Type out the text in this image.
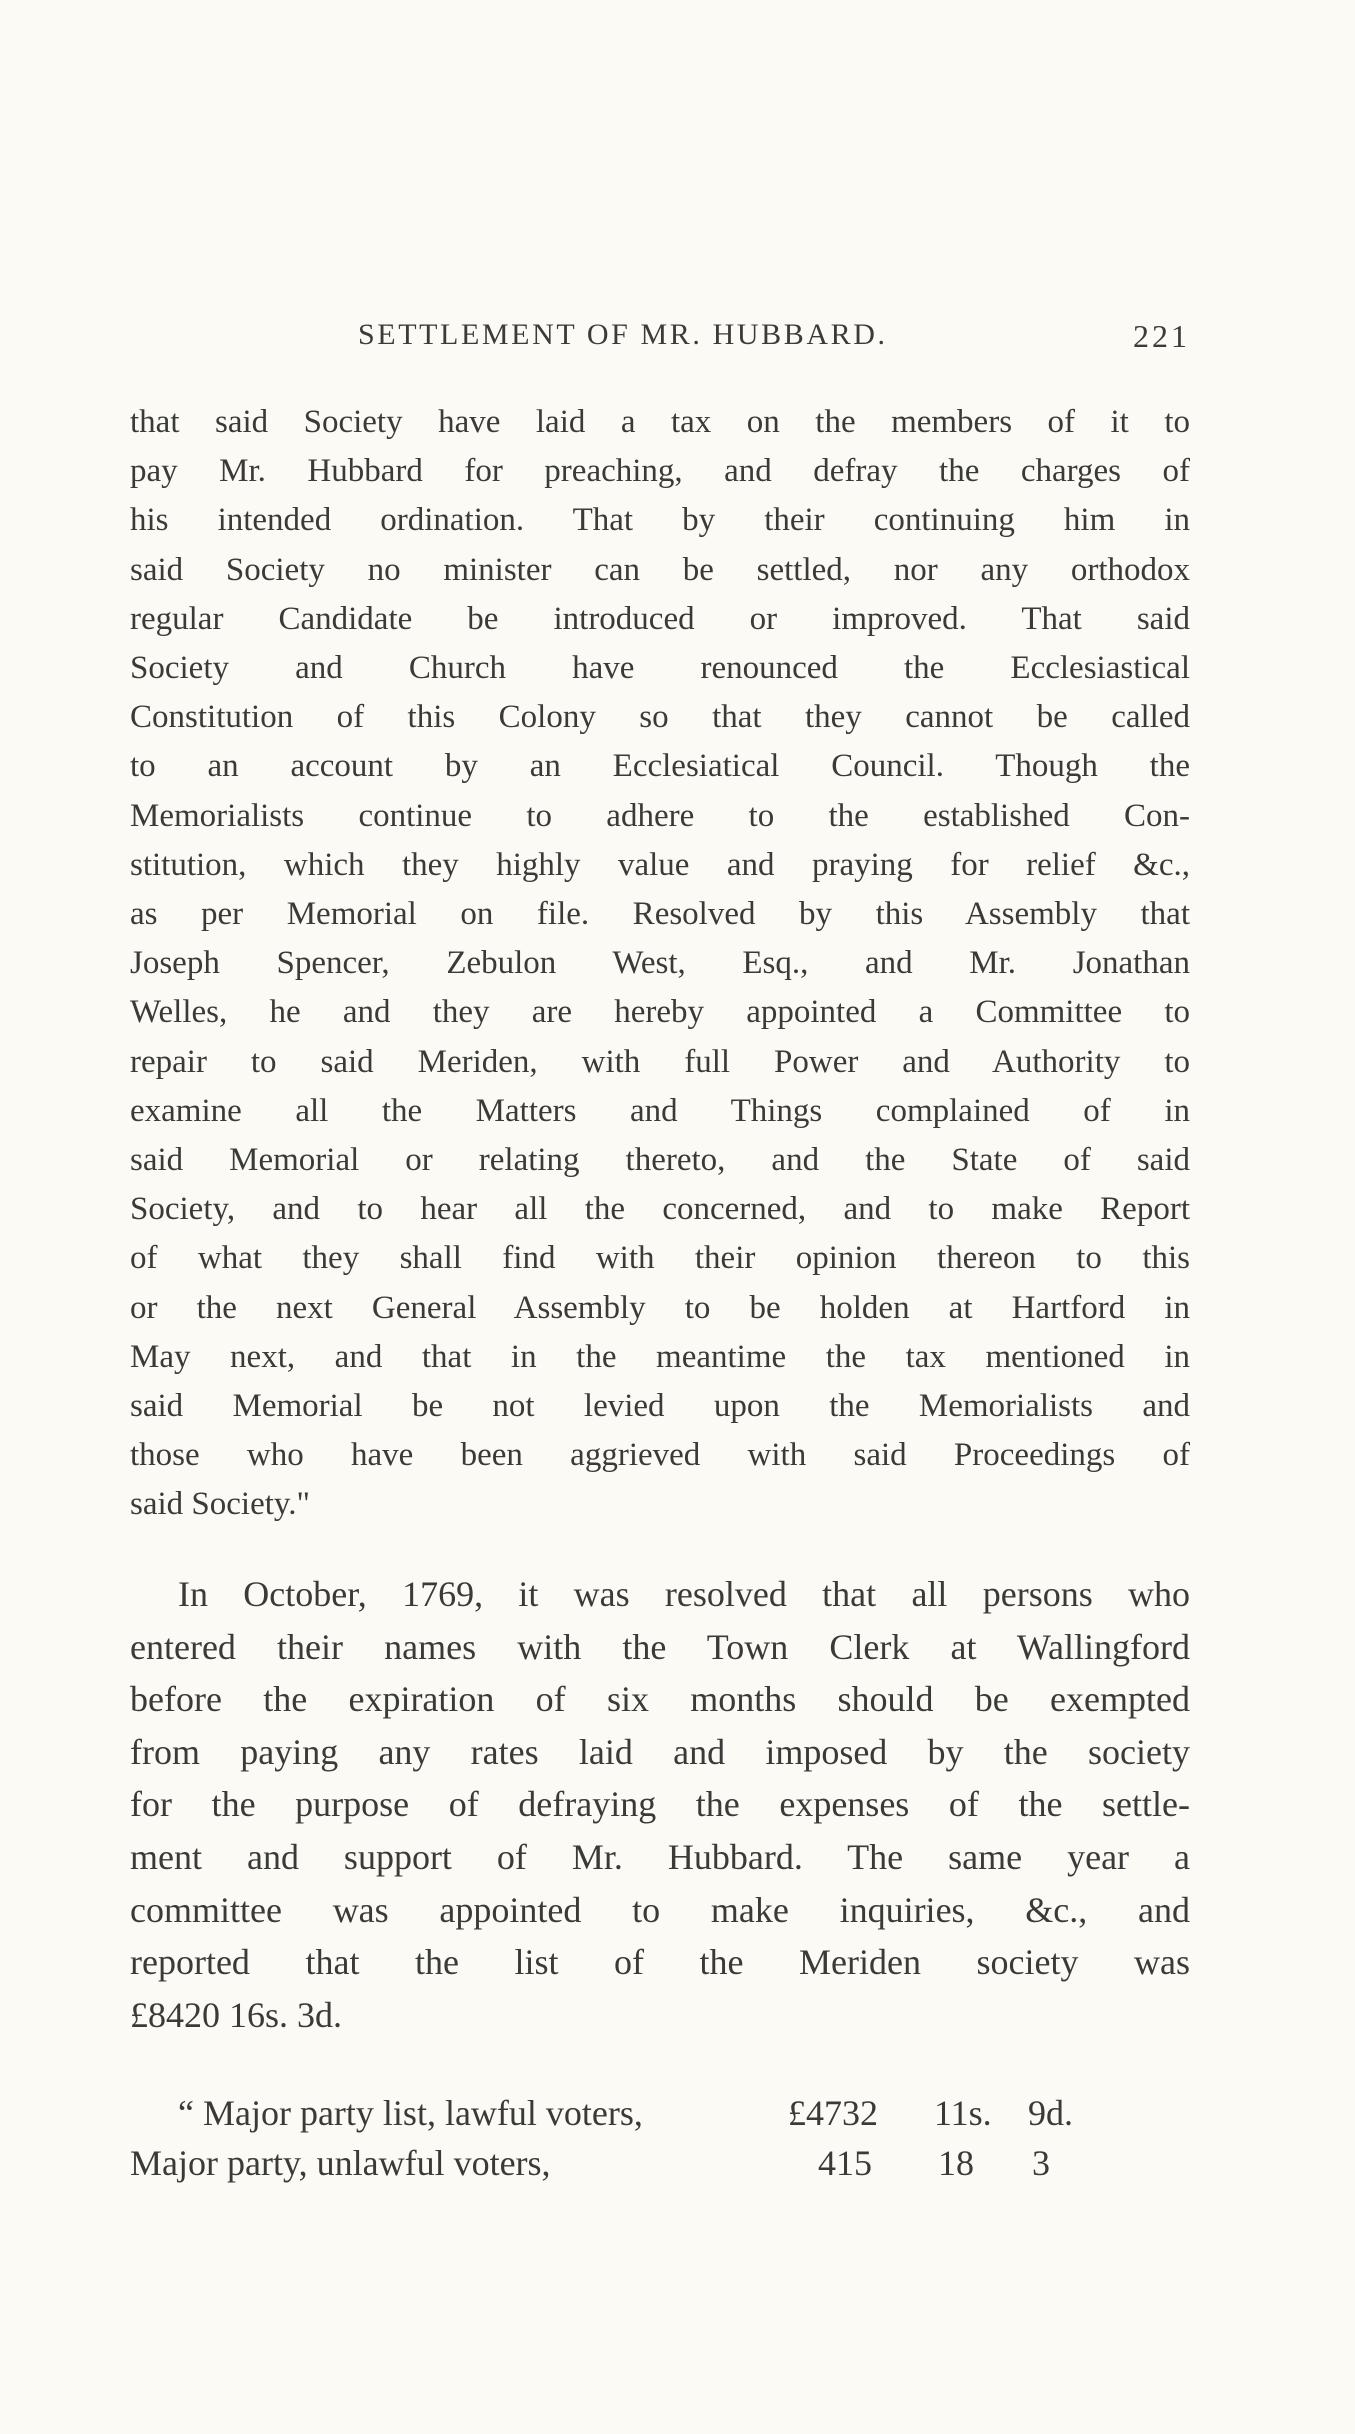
SETTLEMENT OF MR. HUBBARD.	221
that said Society have laid a tax on the members of it to
pay Mr. Hubbard for preaching, and defray the charges of
his intended ordination. That by their continuing him in
said Society no minister can be settled, nor any orthodox
regular Candidate be introduced or improved. That said
Society and Church have renounced the Ecclesiastical
Constitution of this Colony so that they cannot be called
to an account by an Ecclesiatical Council. Though the
Memorialists continue to adhere to the established Con-
stitution, which they highly value and praying for relief &c.,
as per Memorial on file. Resolved by this Assembly that
Joseph Spencer, Zebulon West, Esq., and Mr. Jonathan
Welles, he and they are hereby appointed a Committee to
repair to said Meriden, with full Power and Authority to
examine all the Matters and Things complained of in
said Memorial or relating thereto, and the State of said
Society, and to hear all the concerned, and to make Report
of what they shall find with their opinion thereon to this
or the next General Assembly to be holden at Hartford in
May next, and that in the meantime the tax mentioned in
said Memorial be not levied upon the Memorialists and
those who have been aggrieved with said Proceedings of
said Society."
In October, 1769, it was resolved that all persons who
entered their names with the Town Clerk at Wallingford
before the expiration of six months should be exempted
from paying any rates laid and imposed by the society
for the purpose of defraying the expenses of the settle-
ment and support of Mr. Hubbard. The same year a
committee was appointed to make inquiries, &c., and
reported that the list of the Meriden society was
£8420 16s. 3d.
“ Major party list, lawful voters,	£4732 11s. 9d.
Major party, unlawful voters,	415 18 3
